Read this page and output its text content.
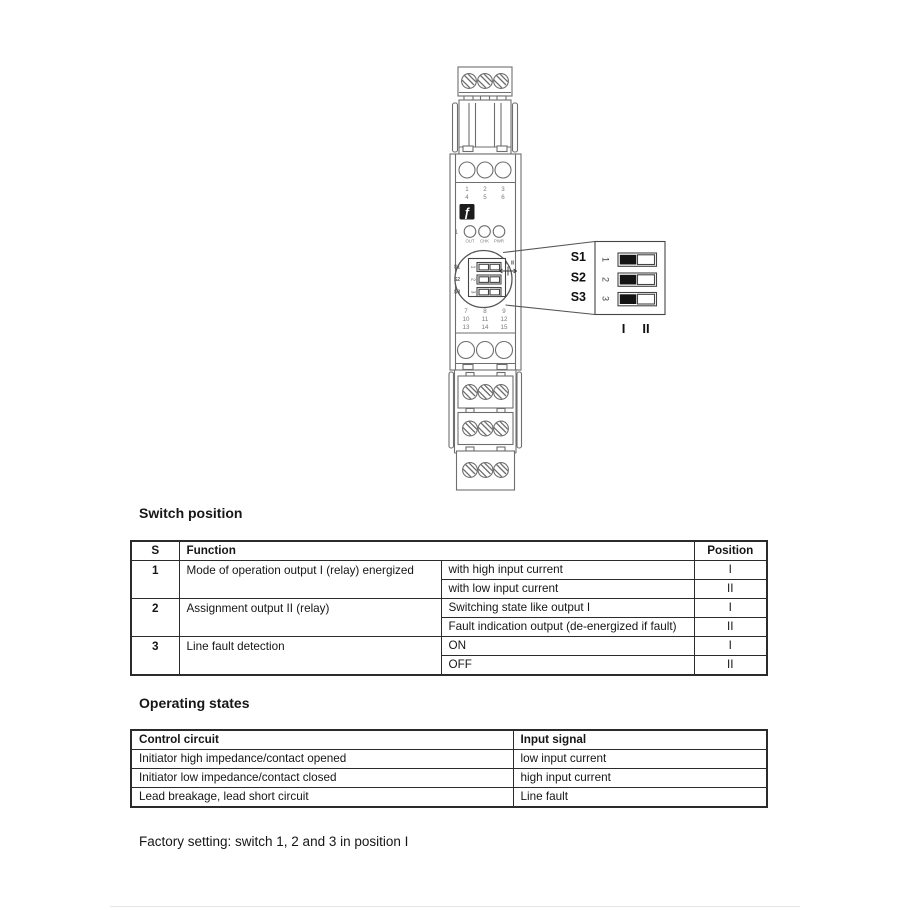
1 2 3
4 5 6
ƒ
1
OUT CHK PWR
7	8	9
10 11 12
13 14 15
S1
S2
S3
1
2
3
I II	S1
S2
S3
1
2
3
I II
Switch position
S	Function		Position
1	Mode of operation output I (relay) energized	with high input current	I
		with low input current	II
2	Assignment output II (relay)	Switching state like output I	I
		Fault indication output (de-energized if fault)	II
3	Line fault detection	ON	I
		OFF	II
Operating states
Control circuit	Input signal
Initiator high impedance/contact opened	low input current
Initiator low impedance/contact closed	high input current
Lead breakage, lead short circuit	Line fault
Factory setting: switch 1, 2 and 3 in position I
